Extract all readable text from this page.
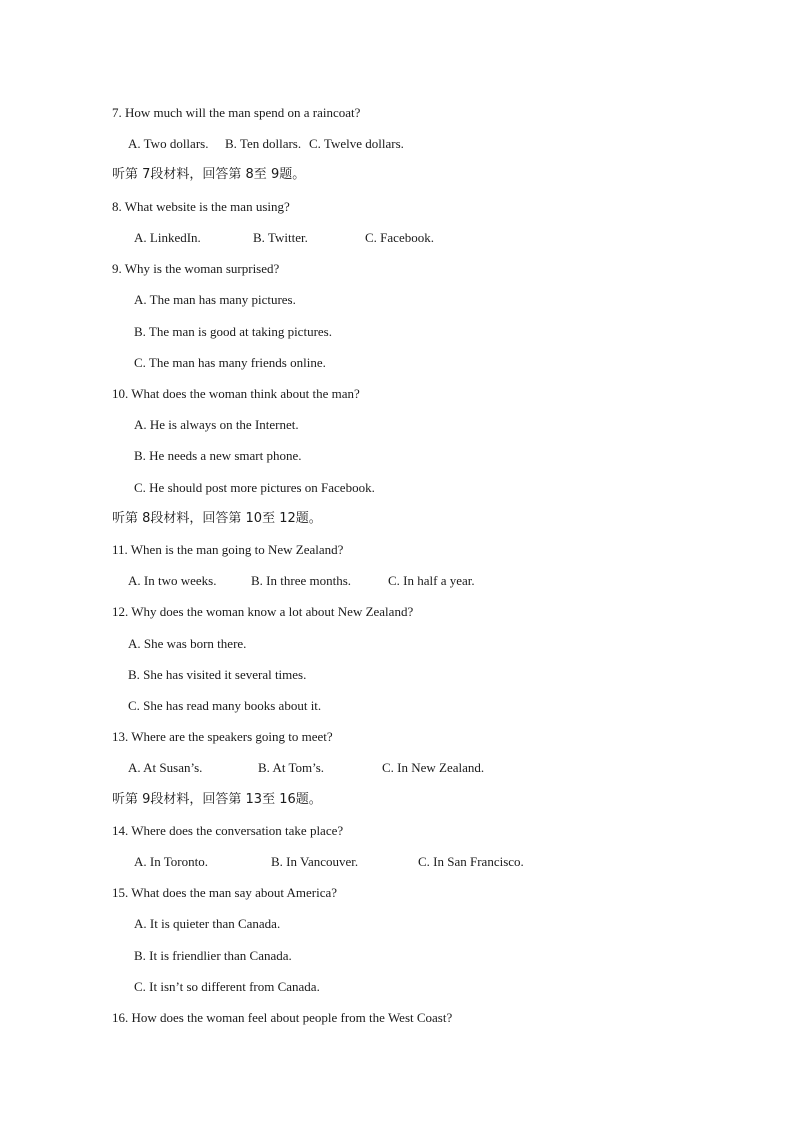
7. How much will the man spend on a raincoat?
A. Two dollars. B. Ten dollars. C. Twelve dollars.
听第 7段材料，回答第 8至 9题。
8. What website is the man using?
A. LinkedIn.	B. Twitter.	C. Facebook.
9. Why is the woman surprised?
A. The man has many pictures.
B. The man is good at taking pictures.
C. The man has many friends online.
10. What does the woman think about the man?
A. He is always on the Internet.
B. He needs a new smart phone.
C. He should post more pictures on Facebook.
听第 8段材料，回答第 10至 12题。
11. When is the man going to New Zealand?
A. In two weeks.	B. In three months.	C. In half a year.
12. Why does the woman know a lot about New Zealand?
A. She was born there.
B. She has visited it several times.
C. She has read many books about it.
13. Where are the speakers going to meet?
A. At Susan’s.	B. At Tom’s.	C. In New Zealand.
听第 9段材料，回答第 13至 16题。
14. Where does the conversation take place?
A. In Toronto.	B. In Vancouver.	C. In San Francisco.
15. What does the man say about America?
A. It is quieter than Canada.
B. It is friendlier than Canada.
C. It isn’t so different from Canada.
16. How does the woman feel about people from the West Coast?
